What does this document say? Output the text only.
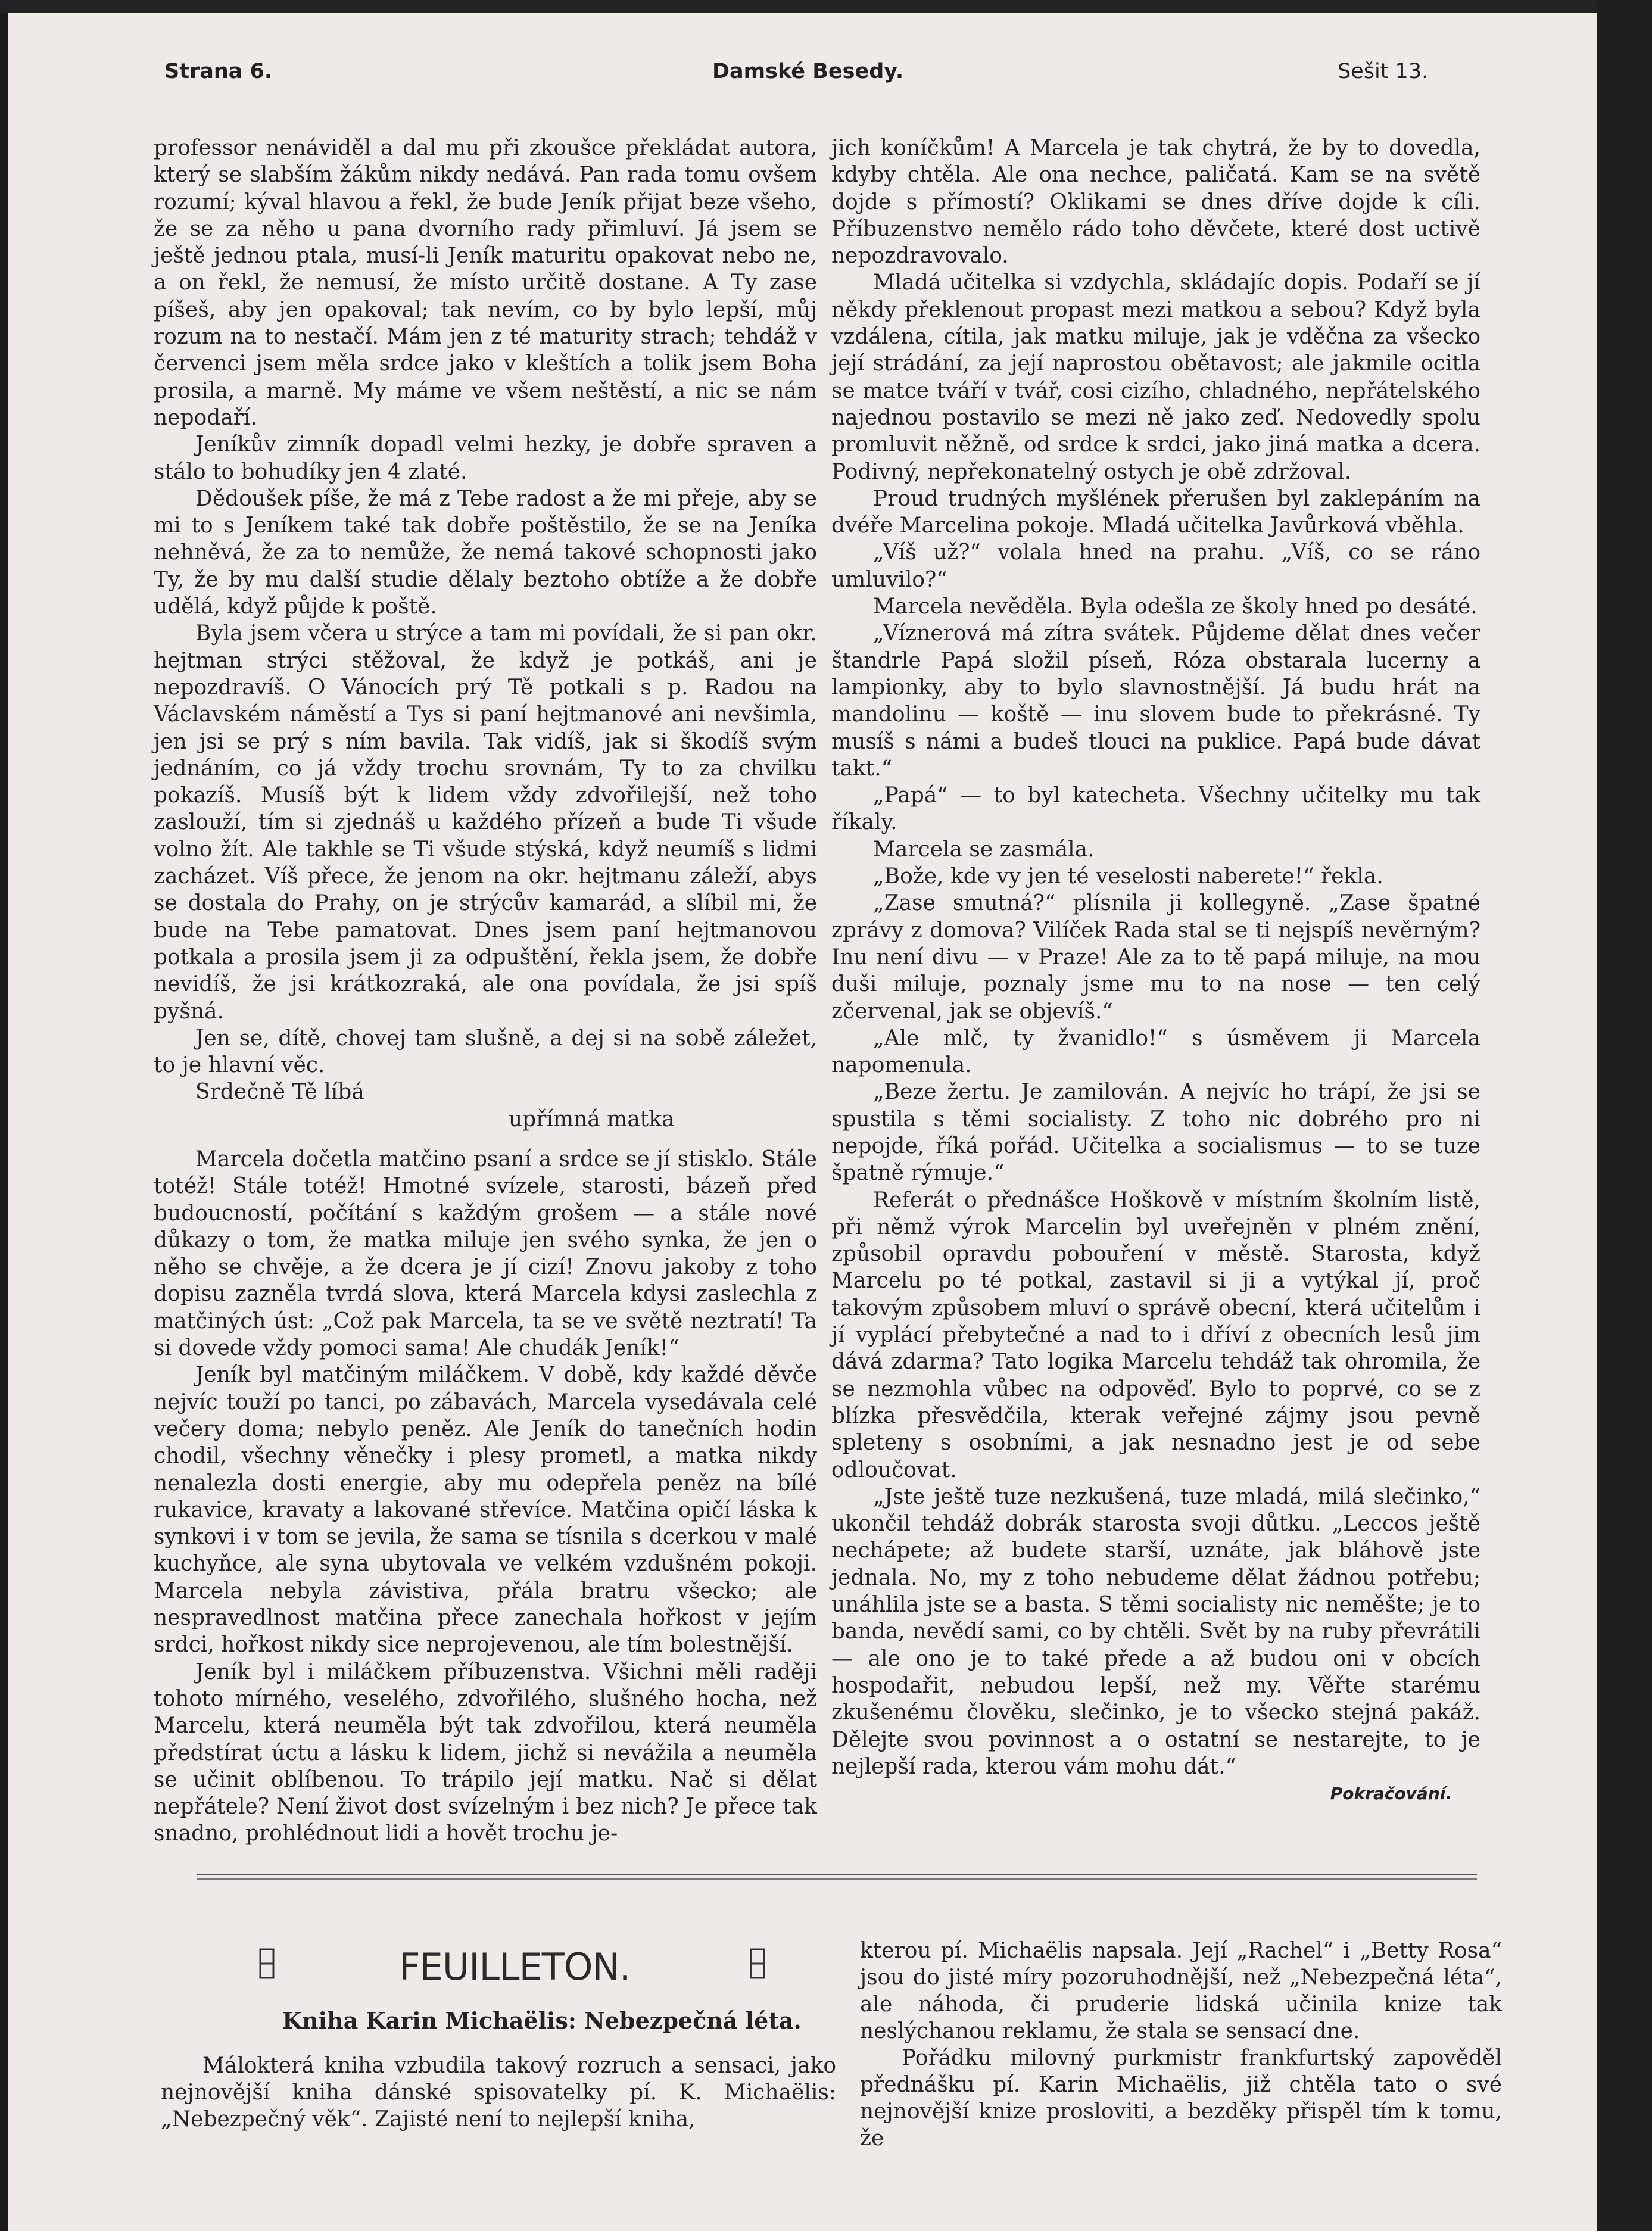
Strana 6.	Damské Besedy.	Sešit 13.

professor nenáviděl a dal mu při zkoušce překládat autora, který se slabším žákům nikdy nedává. Pan rada tomu ovšem rozumí; kýval hlavou a řekl, že bude Jeník přijat beze všeho, že se za něho u pana dvorního rady přimluví. Já jsem se ještě jednou ptala, musí-li Jeník maturitu opakovat nebo ne, a on řekl, že nemusí, že místo určitě dostane. A Ty zase píšeš, aby jen opakoval; tak nevím, co by bylo lepší, můj rozum na to nestačí. Mám jen z té maturity strach; tehdáž v červenci jsem měla srdce jako v kleštích a tolik jsem Boha prosila, a marně. My máme ve všem neštěstí, a nic se nám nepodaří.

Jeníkův zimník dopadl velmi hezky, je dobře spraven a stálo to bohudíky jen 4 zlaté.

Dědoušek píše, že má z Tebe radost a že mi přeje, aby se mi to s Jeníkem také tak dobře poštěstilo, že se na Jeníka nehněvá, že za to nemůže, že nemá takové schopnosti jako Ty, že by mu další studie dělaly beztoho obtíže a že dobře udělá, když půjde k poště.

Byla jsem včera u strýce a tam mi povídali, že si pan okr. hejtman strýci stěžoval, že když je potkáš, ani je nepozdravíš. O Vánocích prý Tě potkali s p. Radou na Václavském náměstí a Tys si paní hejtmanové ani nevšimla, jen jsi se prý s ním bavila. Tak vidíš, jak si škodíš svým jednáním, co já vždy trochu srovnám, Ty to za chvilku pokazíš. Musíš být k lidem vždy zdvořilejší, než toho zaslouží, tím si zjednáš u každého přízeň a bude Ti všude volno žít. Ale takhle se Ti všude stýská, když neumíš s lidmi zacházet. Víš přece, že jenom na okr. hejtmanu záleží, abys se dostala do Prahy, on je strýcův kamarád, a slíbil mi, že bude na Tebe pamatovat. Dnes jsem paní hejtmanovou potkala a prosila jsem ji za odpuštění, řekla jsem, že dobře nevidíš, že jsi krátkozraká, ale ona povídala, že jsi spíš pyšná.

Jen se, dítě, chovej tam slušně, a dej si na sobě záležet, to je hlavní věc.

Srdečně Tě líbá

upřímná matka

Marcela dočetla matčino psaní a srdce se jí stisklo. Stále totéž! Stále totéž! Hmotné svízele, starosti, bázeň před budoucností, počítání s každým grošem — a stále nové důkazy o tom, že matka miluje jen svého synka, že jen o něho se chvěje, a že dcera je jí cizí! Znovu jakoby z toho dopisu zazněla tvrdá slova, která Marcela kdysi zaslechla z matčiných úst: „Což pak Marcela, ta se ve světě neztratí! Ta si dovede vždy pomoci sama! Ale chudák Jeník!“

Jeník byl matčiným miláčkem. V době, kdy každé děvče nejvíc touží po tanci, po zábavách, Marcela vysedávala celé večery doma; nebylo peněz. Ale Jeník do tanečních hodin chodil, všechny věnečky i plesy prometl, a matka nikdy nenalezla dosti energie, aby mu odepřela peněz na bílé rukavice, kravaty a lakované střevíce. Matčina opičí láska k synkovi i v tom se jevila, že sama se tísnila s dcerkou v malé kuchyňce, ale syna ubytovala ve velkém vzdušném pokoji. Marcela nebyla závistiva, přála bratru všecko; ale nespravedlnost matčina přece zanechala hořkost v jejím srdci, hořkost nikdy sice neprojevenou, ale tím bolestnější.

Jeník byl i miláčkem příbuzenstva. Všichni měli raději tohoto mírného, veselého, zdvořilého, slušného hocha, než Marcelu, která neuměla být tak zdvořilou, která neuměla předstírat úctu a lásku k lidem, jichž si nevážila a neuměla se učinit oblíbenou. To trápilo její matku. Nač si dělat nepřátele? Není život dost svízelným i bez nich? Je přece tak snadno, prohlédnout lidi a hovět trochu je-

jich koníčkům! A Marcela je tak chytrá, že by to dovedla, kdyby chtěla. Ale ona nechce, paličatá. Kam se na světě dojde s přímostí? Oklikami se dnes dříve dojde k cíli. Příbuzenstvo nemělo rádo toho děvčete, které dost uctivě nepozdravovalo.

Mladá učitelka si vzdychla, skládajíc dopis. Podaří se jí někdy překlenout propast mezi matkou a sebou? Když byla vzdálena, cítila, jak matku miluje, jak je vděčna za všecko její strádání, za její naprostou obětavost; ale jakmile ocitla se matce tváří v tvář, cosi cizího, chladného, nepřátelského najednou postavilo se mezi ně jako zeď. Nedovedly spolu promluvit něžně, od srdce k srdci, jako jiná matka a dcera. Podivný, nepřekonatelný ostych je obě zdržoval.

Proud trudných myšlének přerušen byl zaklepáním na dvéře Marcelina pokoje. Mladá učitelka Javůrková vběhla.

„Víš už?“ volala hned na prahu. „Víš, co se ráno umluvilo?“

Marcela nevěděla. Byla odešla ze školy hned po desáté.

„Víznerová má zítra svátek. Půjdeme dělat dnes večer štandrle Papá složil píseň, Róza obstarala lucerny a lampionky, aby to bylo slavnostnější. Já budu hrát na mandolinu — koště — inu slovem bude to překrásné. Ty musíš s námi a budeš tlouci na puklice. Papá bude dávat takt.“

„Papá“ — to byl katecheta. Všechny učitelky mu tak říkaly.

Marcela se zasmála.

„Bože, kde vy jen té veselosti naberete!“ řekla.

„Zase smutná?“ plísnila ji kollegyně. „Zase špatné zprávy z domova? Vilíček Rada stal se ti nejspíš nevěrným? Inu není divu — v Praze! Ale za to tě papá miluje, na mou duši miluje, poznaly jsme mu to na nose — ten celý zčervenal, jak se objevíš.“

„Ale mlč, ty žvanidlo!“ s úsměvem ji Marcela napomenula.

„Beze žertu. Je zamilován. A nejvíc ho trápí, že jsi se spustila s těmi socialisty. Z toho nic dobrého pro ni nepojde, říká pořád. Učitelka a socialismus — to se tuze špatně rýmuje.“

Referát o přednášce Hoškově v místním školním listě, při němž výrok Marcelin byl uveřejněn v plném znění, způsobil opravdu pobouření v městě. Starosta, když Marcelu po té potkal, zastavil si ji a vytýkal jí, proč takovým způsobem mluví o správě obecní, která učitelům i jí vyplácí přebytečné a nad to i dříví z obecních lesů jim dává zdarma? Tato logika Marcelu tehdáž tak ohromila, že se nezmohla vůbec na odpověď. Bylo to poprvé, co se z blízka přesvědčila, kterak veřejné zájmy jsou pevně spleteny s osobními, a jak nesnadno jest je od sebe odloučovat.

„Jste ještě tuze nezkušená, tuze mladá, milá slečinko,“ ukončil tehdáž dobrák starosta svoji důtku. „Leccos ještě nechápete; až budete starší, uznáte, jak bláhově jste jednala. No, my z toho nebudeme dělat žádnou potřebu; unáhlila jste se a basta. S těmi socialisty nic neměšte; je to banda, nevědí sami, co by chtěli. Svět by na ruby převrátili — ale ono je to také přede a až budou oni v obcích hospodařit, nebudou lepší, než my. Věřte starému zkušenému člověku, slečinko, je to všecko stejná pakáž. Dělejte svou povinnost a o ostatní se nestarejte, to je nejlepší rada, kterou vám mohu dát.“

Pokračování.

FEUILLETON.
Kniha Karin Michaëlis: Nebezpečná léta.

Málokterá kniha vzbudila takový rozruch a sensaci, jako nejnovější kniha dánské spisovatelky pí. K. Michaëlis: „Nebezpečný věk“. Zajisté není to nejlepší kniha,

kterou pí. Michaëlis napsala. Její „Rachel“ i „Betty Rosa“ jsou do jisté míry pozoruhodnější, než „Nebezpečná léta“, ale náhoda, či pruderie lidská učinila knize tak neslýchanou reklamu, že stala se sensací dne.

Pořádku milovný purkmistr frankfurtský zapověděl přednášku pí. Karin Michaëlis, již chtěla tato o své nejnovější knize prosloviti, a bezděky přispěl tím k tomu, že
